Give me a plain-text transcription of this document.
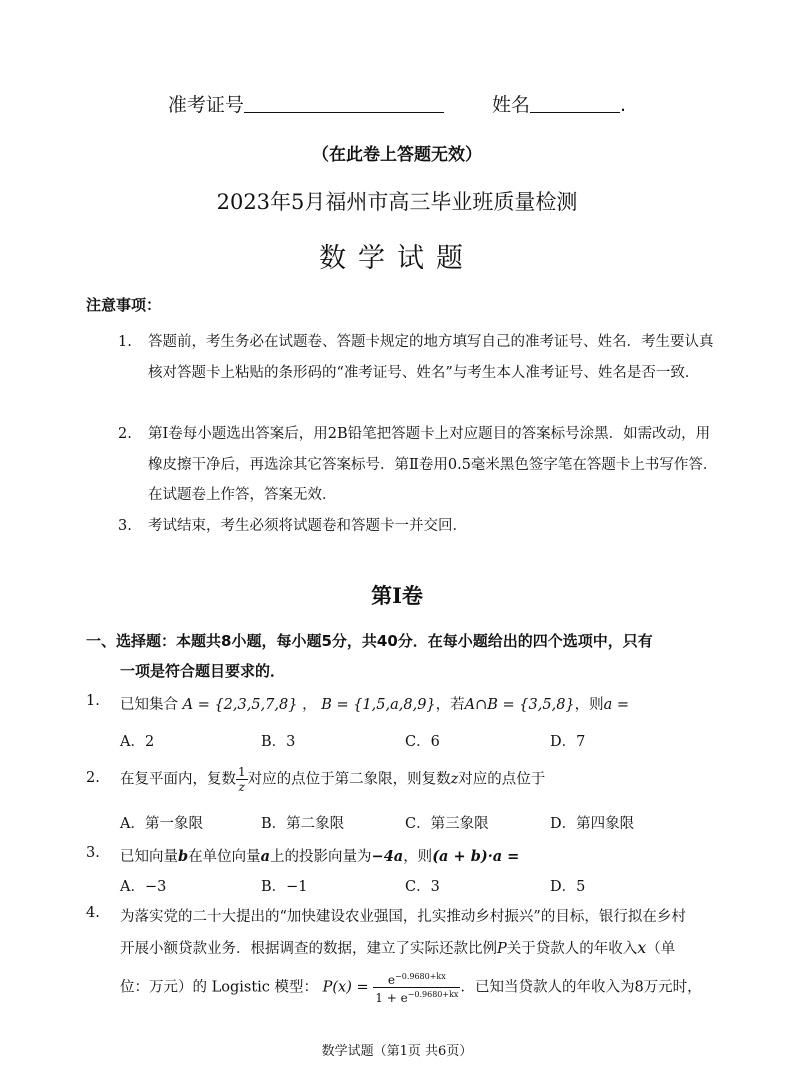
准考证号	姓名	.
（在此卷上答题无效）
2023年5月福州市高三毕业班质量检测
数学试题
注意事项：
1. 答题前，考生务必在试题卷、答题卡规定的地方填写自己的准考证号、姓名．考生要认真核对答题卡上粘贴的条形码的“准考证号、姓名”与考生本人准考证号、姓名是否一致．
2. 第Ⅰ卷每小题选出答案后，用2B铅笔把答题卡上对应题目的答案标号涂黑．如需改动，用橡皮擦干净后，再选涂其它答案标号．第Ⅱ卷用0.5毫米黑色签字笔在答题卡上书写作答．在试题卷上作答，答案无效．
3. 考试结束，考生必须将试题卷和答题卡一并交回．
第Ⅰ卷
一、选择题：本题共8小题，每小题5分，共40分．在每小题给出的四个选项中，只有
一项是符合题目要求的．
1. 已知集合 A = {2,3,5,7,8} ， B = {1,5,a,8,9}，若A∩B = {3,5,8}，则a =
A．2	B．3	C．6	D．7
2. 在复平面内，复数 $\frac{1}{z}$ 对应的点位于第二象限，则复数z对应的点位于
A．第一象限	B．第二象限	C．第三象限	D．第四象限
3. 已知向量b在单位向量a上的投影向量为−4a，则(a + b)·a =
A．−3	B．−1	C．3	D．5
4. 为落实党的二十大提出的“加快建设农业强国，扎实推动乡村振兴”的目标，银行拟在乡村
开展小额贷款业务．根据调查的数据，建立了实际还款比例P关于贷款人的年收入x（单
位：万元）的 Logistic 模型： $P(x) = \frac{e^{-0.9680+kx}}{1 + e^{-0.9680+kx}}$ ．已知当贷款人的年收入为8万元时，
数学试题（第1页 共6页）
